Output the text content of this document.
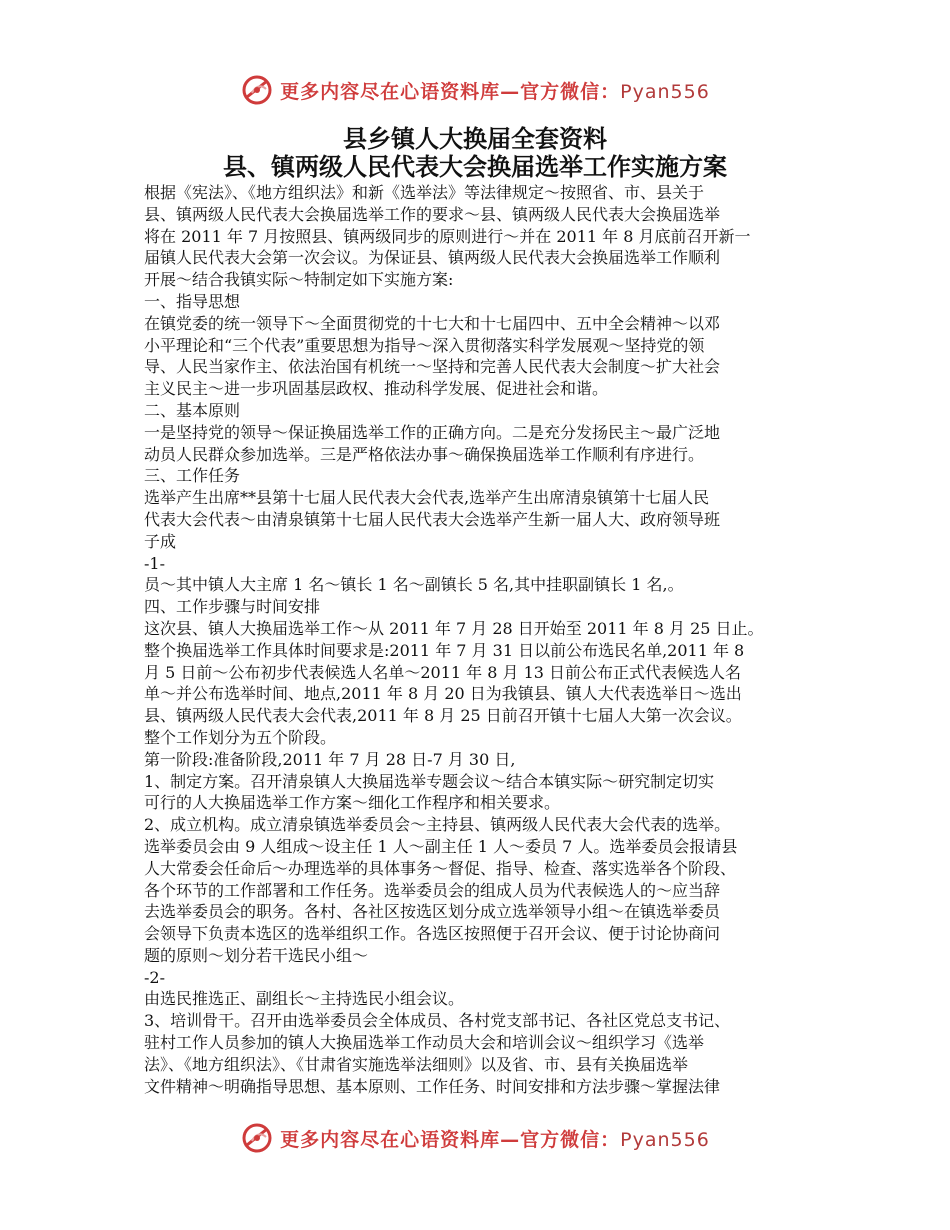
更多内容尽在心语资料库—官方微信：Pyan556
县乡镇人大换届全套资料
县、镇两级人民代表大会换届选举工作实施方案

根据《宪法》、《地方组织法》和新《选举法》等法律规定～按照省、市、县关于

县、镇两级人民代表大会换届选举工作的要求～县、镇两级人民代表大会换届选举

将在 2011 年 7 月按照县、镇两级同步的原则进行～并在 2011 年 8 月底前召开新一

届镇人民代表大会第一次会议。为保证县、镇两级人民代表大会换届选举工作顺利

开展～结合我镇实际～特制定如下实施方案:

一、指导思想

在镇党委的统一领导下～全面贯彻党的十七大和十七届四中、五中全会精神～以邓

小平理论和“三个代表”重要思想为指导～深入贯彻落实科学发展观～坚持党的领

导、人民当家作主、依法治国有机统一～坚持和完善人民代表大会制度～扩大社会

主义民主～进一步巩固基层政权、推动科学发展、促进社会和谐。

二、基本原则

一是坚持党的领导～保证换届选举工作的正确方向。二是充分发扬民主～最广泛地

动员人民群众参加选举。三是严格依法办事～确保换届选举工作顺利有序进行。

三、工作任务

选举产生出席**县第十七届人民代表大会代表,选举产生出席清泉镇第十七届人民

代表大会代表～由清泉镇第十七届人民代表大会选举产生新一届人大、政府领导班

子成

-1-

员～其中镇人大主席 1 名～镇长 1 名～副镇长 5 名,其中挂职副镇长 1 名,。

四、工作步骤与时间安排

这次县、镇人大换届选举工作～从 2011 年 7 月 28 日开始至 2011 年 8 月 25 日止。

整个换届选举工作具体时间要求是:2011 年 7 月 31 日以前公布选民名单,2011 年 8

月 5 日前～公布初步代表候选人名单～2011 年 8 月 13 日前公布正式代表候选人名

单～并公布选举时间、地点,2011 年 8 月 20 日为我镇县、镇人大代表选举日～选出

县、镇两级人民代表大会代表,2011 年 8 月 25 日前召开镇十七届人大第一次会议。

整个工作划分为五个阶段。

第一阶段:准备阶段,2011 年 7 月 28 日-7 月 30 日,

1、制定方案。召开清泉镇人大换届选举专题会议～结合本镇实际～研究制定切实

可行的人大换届选举工作方案～细化工作程序和相关要求。

2、成立机构。成立清泉镇选举委员会～主持县、镇两级人民代表大会代表的选举。

选举委员会由 9 人组成～设主任 1 人～副主任 1 人～委员 7 人。选举委员会报请县

人大常委会任命后～办理选举的具体事务～督促、指导、检查、落实选举各个阶段、

各个环节的工作部署和工作任务。选举委员会的组成人员为代表候选人的～应当辞

去选举委员会的职务。各村、各社区按选区划分成立选举领导小组～在镇选举委员

会领导下负责本选区的选举组织工作。各选区按照便于召开会议、便于讨论协商问

题的原则～划分若干选民小组～

-2-

由选民推选正、副组长～主持选民小组会议。

3、培训骨干。召开由选举委员会全体成员、各村党支部书记、各社区党总支书记、

驻村工作人员参加的镇人大换届选举工作动员大会和培训会议～组织学习《选举

法》、《地方组织法》、《甘肃省实施选举法细则》以及省、市、县有关换届选举

文件精神～明确指导思想、基本原则、工作任务、时间安排和方法步骤～掌握法律

更多内容尽在心语资料库—官方微信：Pyan556
